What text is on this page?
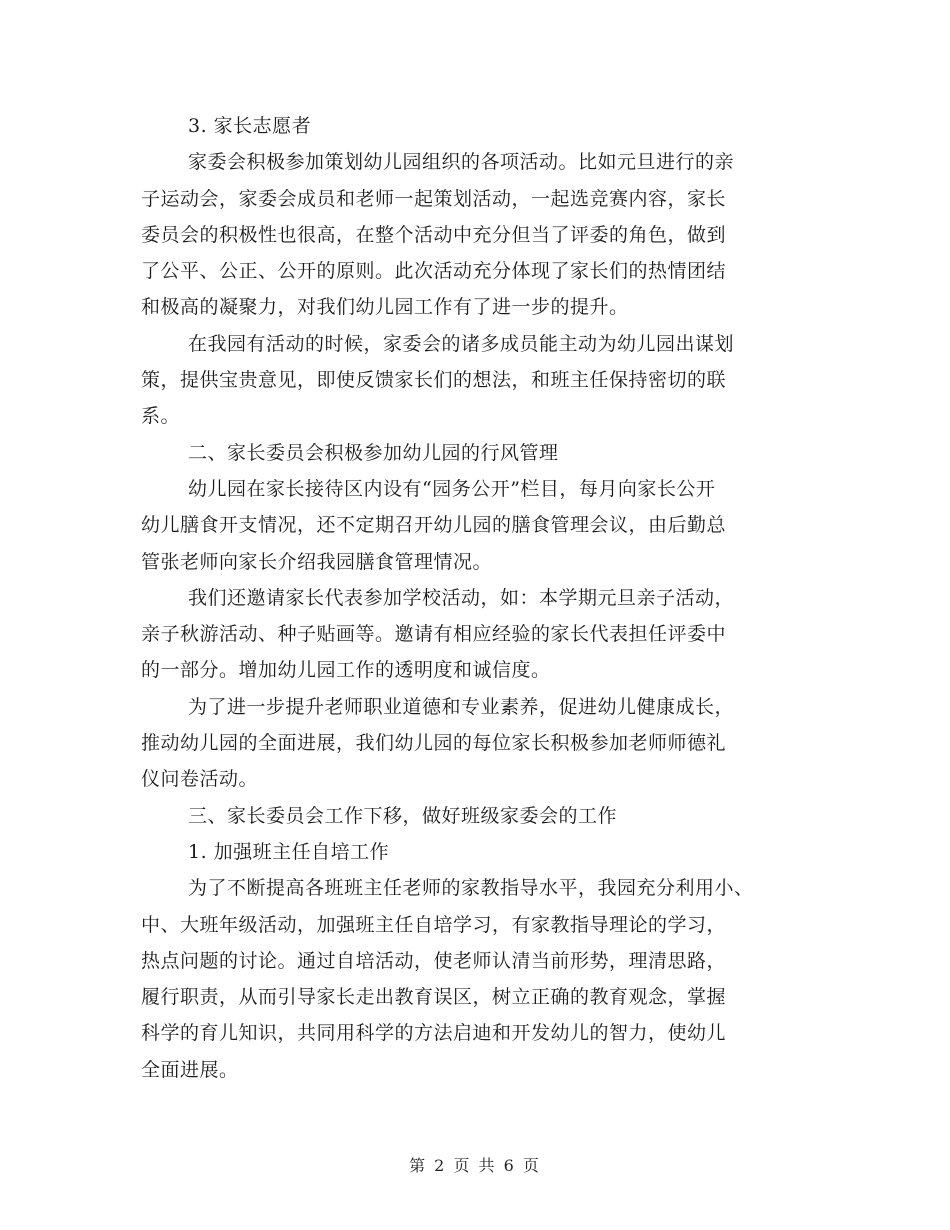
3. 家长志愿者
家委会积极参加策划幼儿园组织的各项活动。比如元旦进行的亲
子运动会，家委会成员和老师一起策划活动，一起选竞赛内容，家长
委员会的积极性也很高，在整个活动中充分但当了评委的角色，做到
了公平、公正、公开的原则。此次活动充分体现了家长们的热情团结
和极高的凝聚力，对我们幼儿园工作有了进一步的提升。
在我园有活动的时候，家委会的诸多成员能主动为幼儿园出谋划
策，提供宝贵意见，即使反馈家长们的想法，和班主任保持密切的联
系。
二、家长委员会积极参加幼儿园的行风管理
幼儿园在家长接待区内设有“园务公开”栏目，每月向家长公开
幼儿膳食开支情况，还不定期召开幼儿园的膳食管理会议，由后勤总
管张老师向家长介绍我园膳食管理情况。
我们还邀请家长代表参加学校活动，如：本学期元旦亲子活动，
亲子秋游活动、种子贴画等。邀请有相应经验的家长代表担任评委中
的一部分。增加幼儿园工作的透明度和诚信度。
为了进一步提升老师职业道德和专业素养，促进幼儿健康成长，
推动幼儿园的全面进展，我们幼儿园的每位家长积极参加老师师德礼
仪问卷活动。
三、家长委员会工作下移，做好班级家委会的工作
1. 加强班主任自培工作
为了不断提高各班班主任老师的家教指导水平，我园充分利用小、
中、大班年级活动，加强班主任自培学习，有家教指导理论的学习，
热点问题的讨论。通过自培活动，使老师认清当前形势，理清思路，
履行职责，从而引导家长走出教育误区，树立正确的教育观念，掌握
科学的育儿知识，共同用科学的方法启迪和开发幼儿的智力，使幼儿
全面进展。
第 2 页 共 6 页
